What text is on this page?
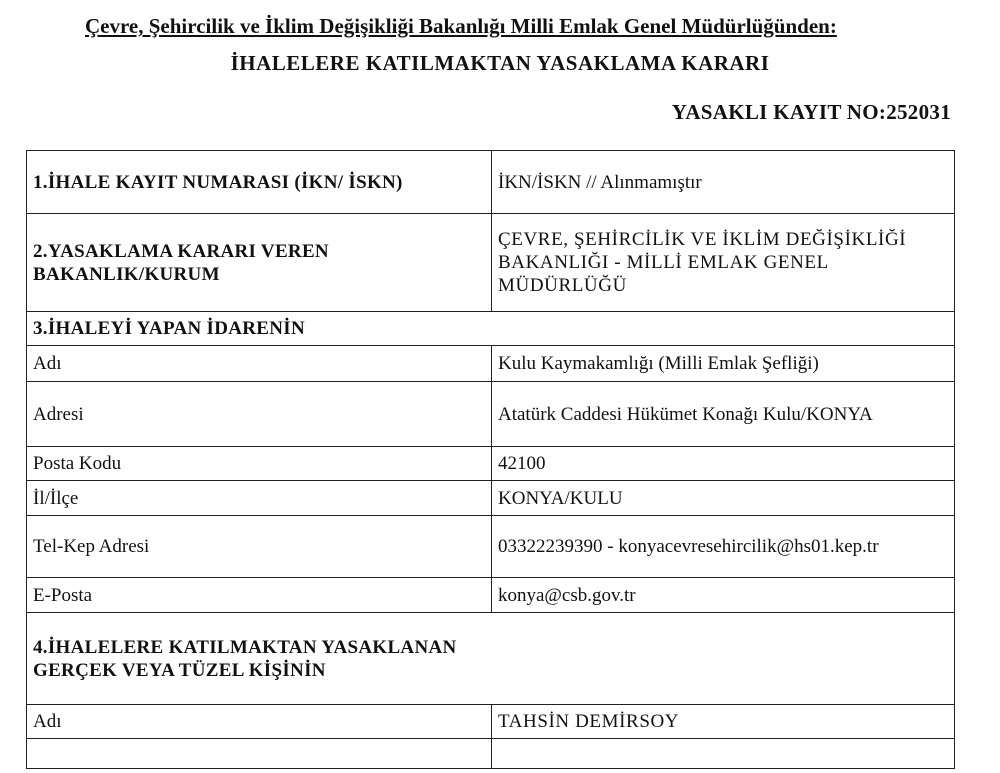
Çevre, Şehircilik ve İklim Değişikliği Bakanlığı Milli Emlak Genel Müdürlüğünden:
İHALELERE KATILMAKTAN YASAKLAMA KARARI
YASAKLI KAYIT NO:252031
1.İHALE KAYIT NUMARASI (İKN/ İSKN)	İKN/İSKN // Alınmamıştır
2.YASAKLAMA KARARI VEREN BAKANLIK/KURUM	ÇEVRE, ŞEHİRCİLİK VE İKLİM DEĞİŞİKLİĞİ BAKANLIĞI - MİLLİ EMLAK GENEL MÜDÜRLÜĞÜ
3.İHALEYİ YAPAN İDARENİN	
Adı	Kulu Kaymakamlığı (Milli Emlak Şefliği)
Adresi	Atatürk Caddesi Hükümet Konağı Kulu/KONYA
Posta Kodu	42100
İl/İlçe	KONYA/KULU
Tel-Kep Adresi	03322239390 - konyacevresehircilik@hs01.kep.tr
E-Posta	konya@csb.gov.tr
4.İHALELERE KATILMAKTAN YASAKLANAN GERÇEK VEYA TÜZEL KİŞİNİN	
Adı	TAHSİN DEMİRSOY
